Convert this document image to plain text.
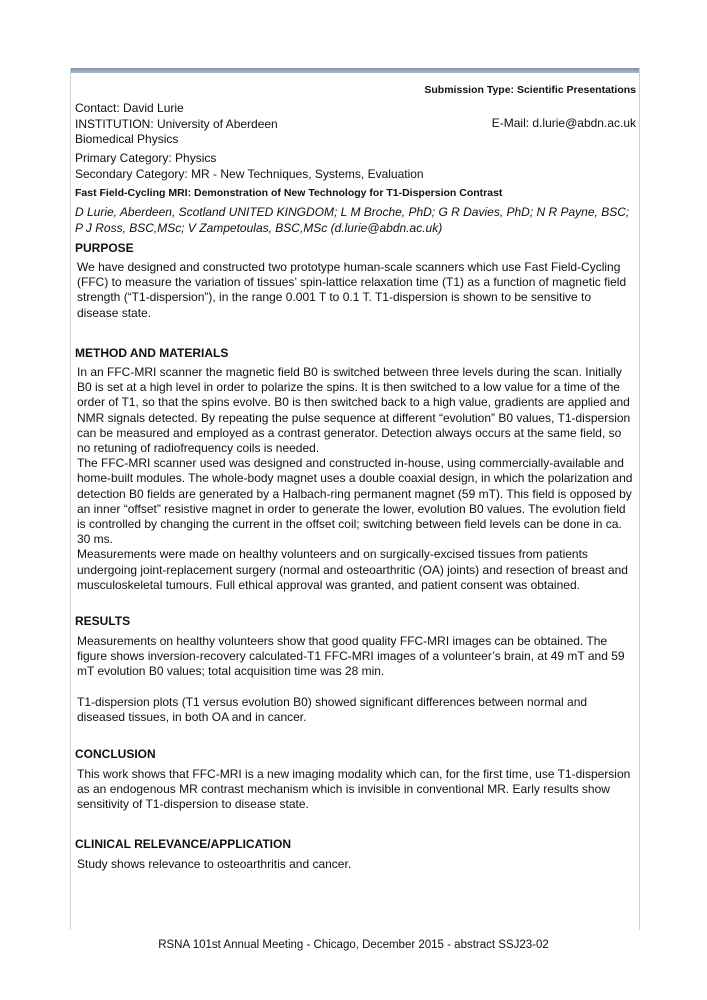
Submission Type: Scientific Presentations
Contact: David Lurie
INSTITUTION: University of Aberdeen
Biomedical Physics
E-Mail: d.lurie@abdn.ac.uk
Primary Category: Physics
Secondary Category: MR - New Techniques, Systems, Evaluation
Fast Field-Cycling MRI: Demonstration of New Technology for T1-Dispersion Contrast
D Lurie, Aberdeen, Scotland UNITED KINGDOM; L M Broche, PhD; G R Davies, PhD; N R Payne, BSC; P J Ross, BSC,MSc; V Zampetoulas, BSC,MSc (d.lurie@abdn.ac.uk)
PURPOSE

We have designed and constructed two prototype human-scale scanners which use Fast Field-Cycling (FFC) to measure the variation of tissues’ spin-lattice relaxation time (T1) as a function of magnetic field strength (“T1-dispersion”), in the range 0.001 T to 0.1 T. T1-dispersion is shown to be sensitive to disease state.

METHOD AND MATERIALS

In an FFC-MRI scanner the magnetic field B0 is switched between three levels during the scan. Initially B0 is set at a high level in order to polarize the spins. It is then switched to a low value for a time of the order of T1, so that the spins evolve. B0 is then switched back to a high value, gradients are applied and NMR signals detected. By repeating the pulse sequence at different “evolution” B0 values, T1-dispersion can be measured and employed as a contrast generator. Detection always occurs at the same field, so no retuning of radiofrequency coils is needed.

The FFC-MRI scanner used was designed and constructed in-house, using commercially-available and home-built modules. The whole-body magnet uses a double coaxial design, in which the polarization and detection B0 fields are generated by a Halbach-ring permanent magnet (59 mT). This field is opposed by an inner “offset” resistive magnet in order to generate the lower, evolution B0 values. The evolution field is controlled by changing the current in the offset coil; switching between field levels can be done in ca. 30 ms.

Measurements were made on healthy volunteers and on surgically-excised tissues from patients undergoing joint-replacement surgery (normal and osteoarthritic (OA) joints) and resection of breast and musculoskeletal tumours. Full ethical approval was granted, and patient consent was obtained.

RESULTS

Measurements on healthy volunteers show that good quality FFC-MRI images can be obtained. The figure shows inversion-recovery calculated-T1 FFC-MRI images of a volunteer’s brain, at 49 mT and 59 mT evolution B0 values; total acquisition time was 28 min.

T1-dispersion plots (T1 versus evolution B0) showed significant differences between normal and diseased tissues, in both OA and in cancer.

CONCLUSION

This work shows that FFC-MRI is a new imaging modality which can, for the first time, use T1-dispersion as an endogenous MR contrast mechanism which is invisible in conventional MR. Early results show sensitivity of T1-dispersion to disease state.

CLINICAL RELEVANCE/APPLICATION

Study shows relevance to osteoarthritis and cancer.

RSNA 101st Annual Meeting - Chicago, December 2015 - abstract SSJ23-02
